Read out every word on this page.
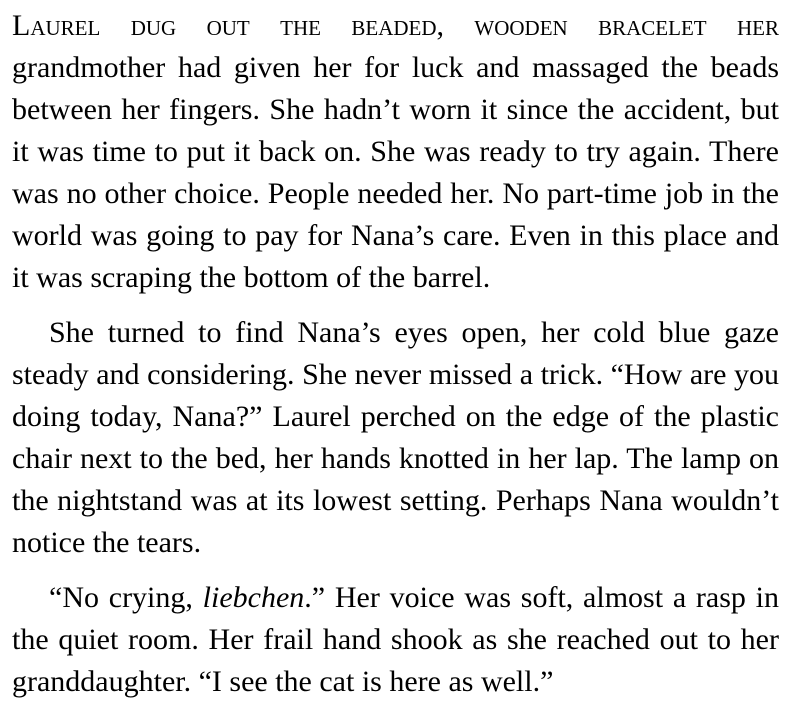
Laurel dug out the beaded, wooden bracelet her grandmother had given her for luck and massaged the beads between her fingers. She hadn’t worn it since the accident, but it was time to put it back on. She was ready to try again. There was no other choice. People needed her. No part-time job in the world was going to pay for Nana’s care. Even in this place and it was scraping the bottom of the barrel.

She turned to find Nana’s eyes open, her cold blue gaze steady and considering. She never missed a trick. “How are you doing today, Nana?” Laurel perched on the edge of the plastic chair next to the bed, her hands knotted in her lap. The lamp on the nightstand was at its lowest setting. Perhaps Nana wouldn’t notice the tears.

“No crying, liebchen.” Her voice was soft, almost a rasp in the quiet room. Her frail hand shook as she reached out to her granddaughter. “I see the cat is here as well.”
